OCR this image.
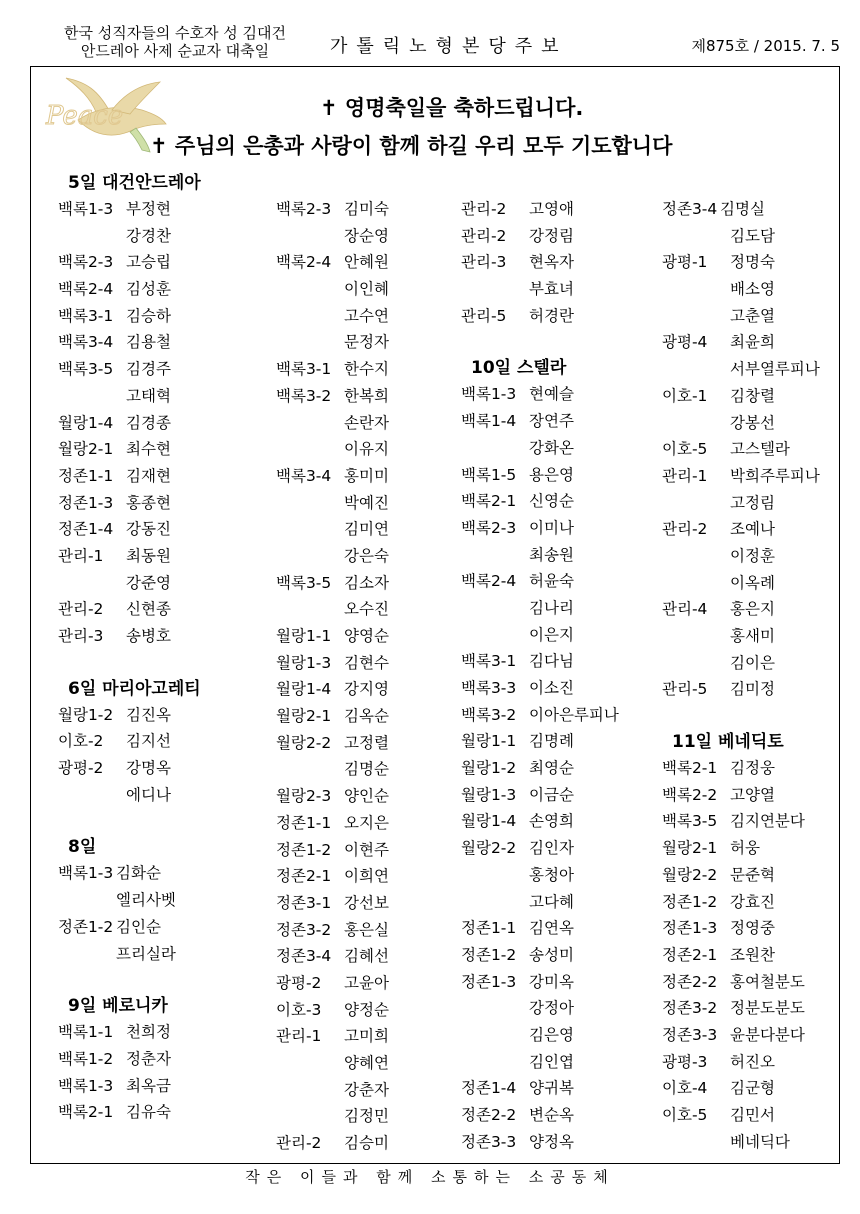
한국 성직자들의 수호자 성 김대건
안드레아 사제 순교자 대축일	가톨릭노형본당주보	제875호 / 2015. 7. 5
Peace	✝ 영명축일을 축하드립니다.
✝ 주님의 은총과 사랑이 함께 하길 우리 모두 기도합니다
5일 대건안드레아
백록1-3 부정현
강경찬
백록2-3 고승립
백록2-4 김성훈
백록3-1 김승하
백록3-4 김용철
백록3-5 김경주
고태혁
월랑1-4 김경종
월랑2-1 최수현
정존1-1 김재현
정존1-3 홍종현
정존1-4 강동진
관리-1 최동원
강준영
관리-2 신현종
관리-3 송병호
6일 마리아고레티
월랑1-2 김진옥
이호-2 김지선
광평-2 강명옥
에디나
8일
백록1-3 김화순
엘리사벳
정존1-2 김인순
프리실라
9일 베로니카
백록1-1 천희정
백록1-2 정춘자
백록1-3 최옥금
백록2-1 김유숙
백록2-3 김미숙
장순영
백록2-4 안혜원
이인혜
고수연
문정자
백록3-1 한수지
백록3-2 한복희
손란자
이유지
백록3-4 홍미미
박예진
김미연
강은숙
백록3-5 김소자
오수진
월랑1-1 양영순
월랑1-3 김현수
월랑1-4 강지영
월랑2-1 김옥순
월랑2-2 고정렬
김명순
월랑2-3 양인순
정존1-1 오지은
정존1-2 이현주
정존2-1 이희연
정존3-1 강선보
정존3-2 홍은실
정존3-4 김혜선
광평-2 고윤아
이호-3 양정순
관리-1 고미희
양혜연
강춘자
김정민
관리-2 김승미
관리-2 고영애
관리-2 강정림
관리-3 현옥자
부효녀
관리-5 허경란
10일 스텔라
백록1-3 현예슬
백록1-4 장연주
강화온
백록1-5 용은영
백록2-1 신영순
백록2-3 이미나
최송원
백록2-4 허윤숙
김나리
이은지
백록3-1 김다님
백록3-3 이소진
백록3-2 이아은루피나
월랑1-1 김명례
월랑1-2 최영순
월랑1-3 이금순
월랑1-4 손영희
월랑2-2 김인자
홍청아
고다혜
정존1-1 김연옥
정존1-2 송성미
정존1-3 강미옥
강정아
김은영
김인엽
정존1-4 양귀복
정존2-2 변순옥
정존3-3 양정옥
정존3-4 김명실
김도담
광평-1 정명숙
배소영
고춘열
광평-4 최윤희
서부열루피나
이호-1 김창렬
강봉선
이호-5 고스텔라
관리-1 박희주루피나
고정림
관리-2 조예나
이정훈
이옥례
관리-4 홍은지
홍새미
김이은
관리-5 김미정
11일 베네딕토
백록2-1 김정웅
백록2-2 고양열
백록3-5 김지연분다
월랑2-1 허웅
월랑2-2 문준혁
정존1-2 강효진
정존1-3 정영중
정존2-1 조원찬
정존2-2 홍여철분도
정존3-2 정분도분도
정존3-3 윤분다분다
광평-3 허진오
이호-4 김군형
이호-5 김민서
베네딕다
작은 이들과 함께 소통하는 소공동체
